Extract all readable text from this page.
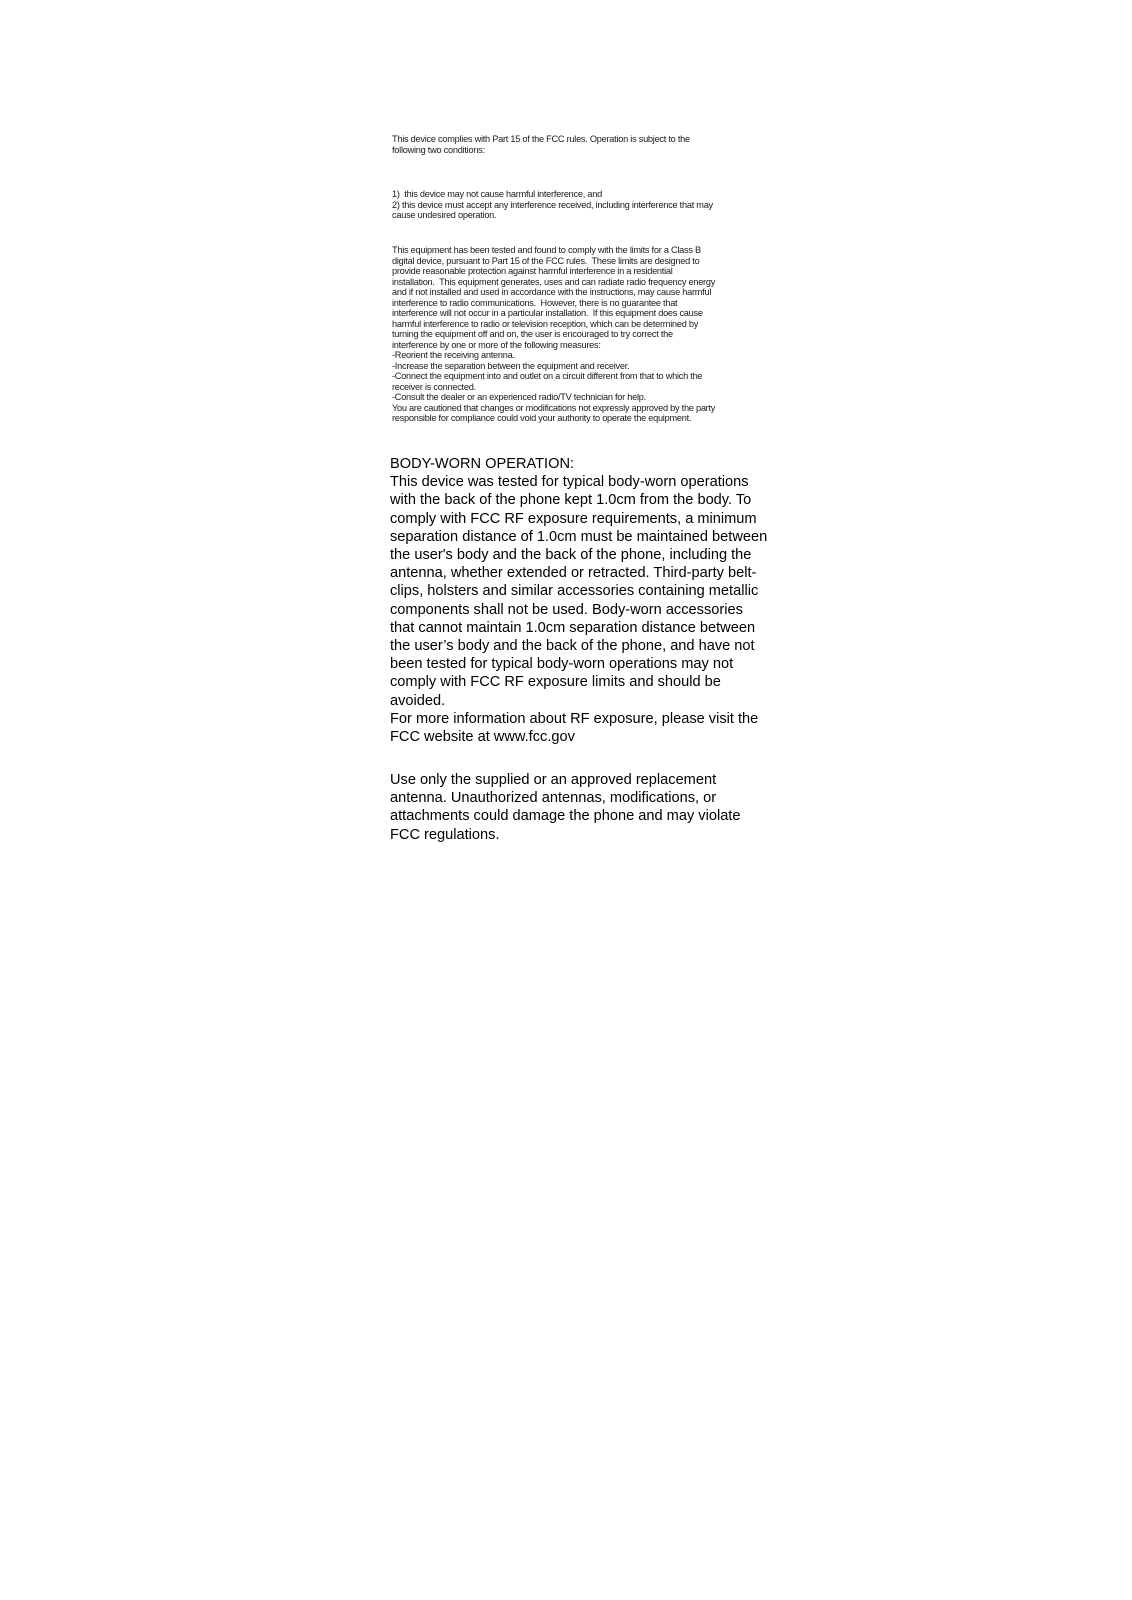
This device complies with Part 15 of the FCC rules. Operation is subject to the
following two conditions:
1)  this device may not cause harmful interference, and
2) this device must accept any interference received, including interference that may
cause undesired operation.
This equipment has been tested and found to comply with the limits for a Class B
digital device, pursuant to Part 15 of the FCC rules.  These limits are designed to
provide reasonable protection against harmful interference in a residential
installation.  This equipment generates, uses and can radiate radio frequency energy
and if not installed and used in accordance with the instructions, may cause harmful
interference to radio communications.  However, there is no guarantee that
interference will not occur in a particular installation.  If this equipment does cause
harmful interference to radio or television reception, which can be determined by
turning the equipment off and on, the user is encouraged to try correct the
interference by one or more of the following measures:
-Reorient the receiving antenna.
-Increase the separation between the equipment and receiver.
-Connect the equipment into and outlet on a circuit different from that to which the
receiver is connected.
-Consult the dealer or an experienced radio/TV technician for help.
You are cautioned that changes or modifications not expressly approved by the party
responsible for compliance could void your authority to operate the equipment.
BODY-WORN OPERATION:
This device was tested for typical body-worn operations
with the back of the phone kept 1.0cm from the body. To
comply with FCC RF exposure requirements, a minimum
separation distance of 1.0cm must be maintained between
the user's body and the back of the phone, including the
antenna, whether extended or retracted. Third-party belt-
clips, holsters and similar accessories containing metallic
components shall not be used. Body-worn accessories
that cannot maintain 1.0cm separation distance between
the user’s body and the back of the phone, and have not
been tested for typical body-worn operations may not
comply with FCC RF exposure limits and should be
avoided.
For more information about RF exposure, please visit the
FCC website at www.fcc.gov
Use only the supplied or an approved replacement
antenna. Unauthorized antennas, modifications, or
attachments could damage the phone and may violate
FCC regulations.
